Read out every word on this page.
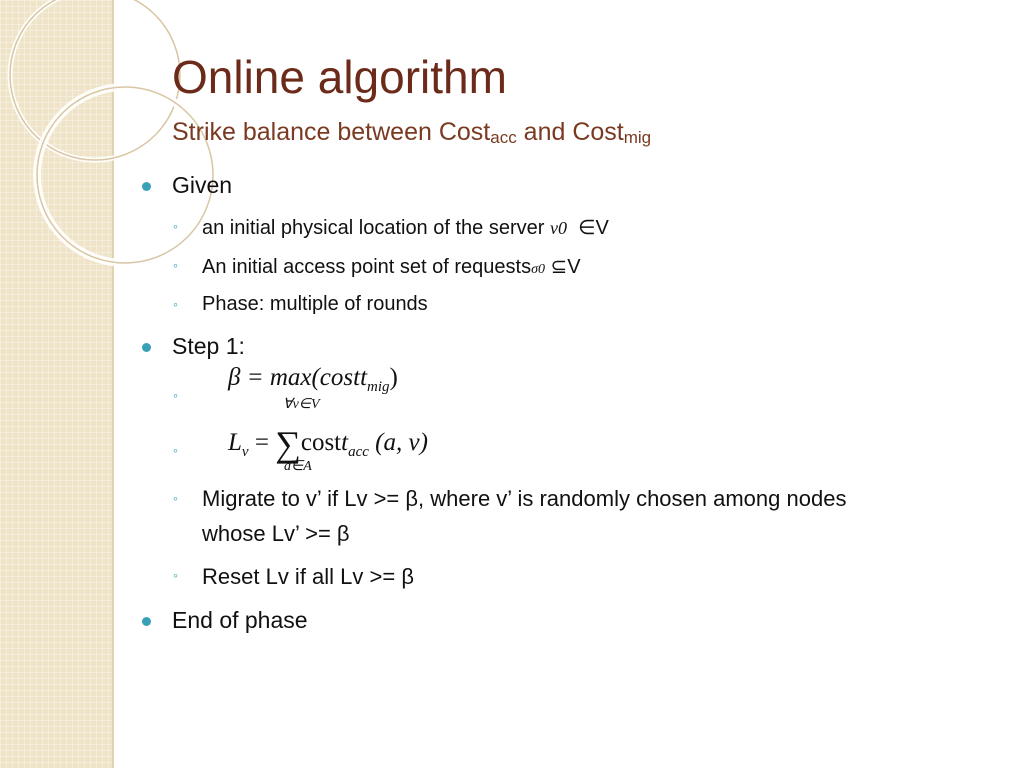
Online algorithm
Strike balance between Costacc and Costmig
Given
◦ an initial physical location of the server v0 ∈V
◦ An initial access point set of requestsσ0 ⊆V
◦ Phase: multiple of rounds
Step 1:
◦
β = max(costt$_{mig}$)
∀v∈V
◦ $L_v$ = ∑costt$_{acc}$ (a, v)
a∈A
◦ Migrate to v’ if Lv >= β, where v’ is randomly chosen among nodes
whose Lv’ >= β
◦ Reset Lv if all Lv >= β
End of phase
